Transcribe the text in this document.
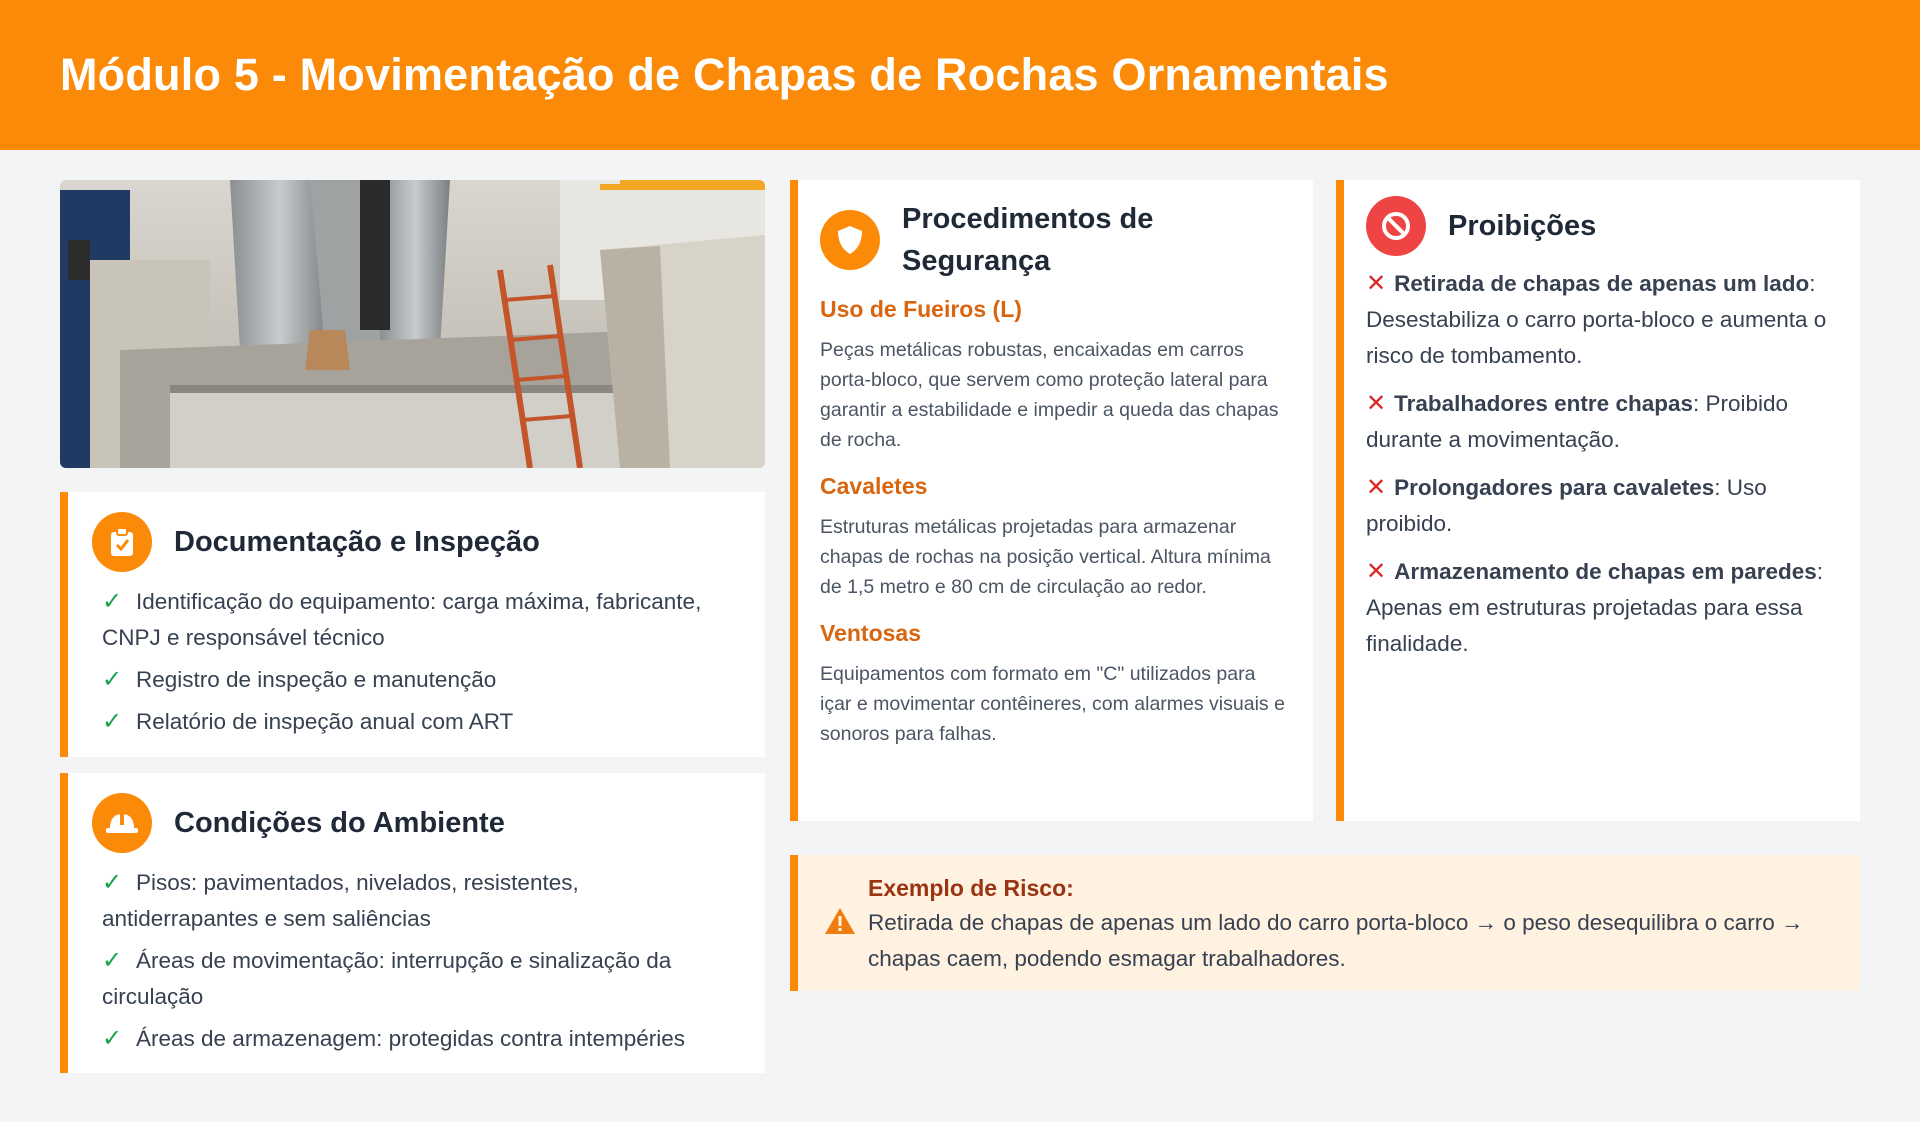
Módulo 5 - Movimentação de Chapas de Rochas Ornamentais
Documentação e Inspeção
✓ Identificação do equipamento: carga máxima, fabricante, CNPJ e responsável técnico
✓ Registro de inspeção e manutenção
✓ Relatório de inspeção anual com ART
Condições do Ambiente
✓ Pisos: pavimentados, nivelados, resistentes, antiderrapantes e sem saliências
✓ Áreas de movimentação: interrupção e sinalização da circulação
✓ Áreas de armazenagem: protegidas contra intempéries
Procedimentos de Segurança
Uso de Fueiros (L)

Peças metálicas robustas, encaixadas em carros porta-bloco, que servem como proteção lateral para garantir a estabilidade e impedir a queda das chapas de rocha.

Cavaletes

Estruturas metálicas projetadas para armazenar chapas de rochas na posição vertical. Altura mínima de 1,5 metro e 80 cm de circulação ao redor.

Ventosas

Equipamentos com formato em "C" utilizados para içar e movimentar contêineres, com alarmes visuais e sonoros para falhas.

Proibições
✕ Retirada de chapas de apenas um lado: Desestabiliza o carro porta-bloco e aumenta o risco de tombamento.
✕ Trabalhadores entre chapas: Proibido durante a movimentação.
✕ Prolongadores para cavaletes: Uso proibido.
✕ Armazenamento de chapas em paredes: Apenas em estruturas projetadas para essa finalidade.
Exemplo de Risco:
Retirada de chapas de apenas um lado do carro porta-bloco → o peso desequilibra o carro → chapas caem, podendo esmagar trabalhadores.
